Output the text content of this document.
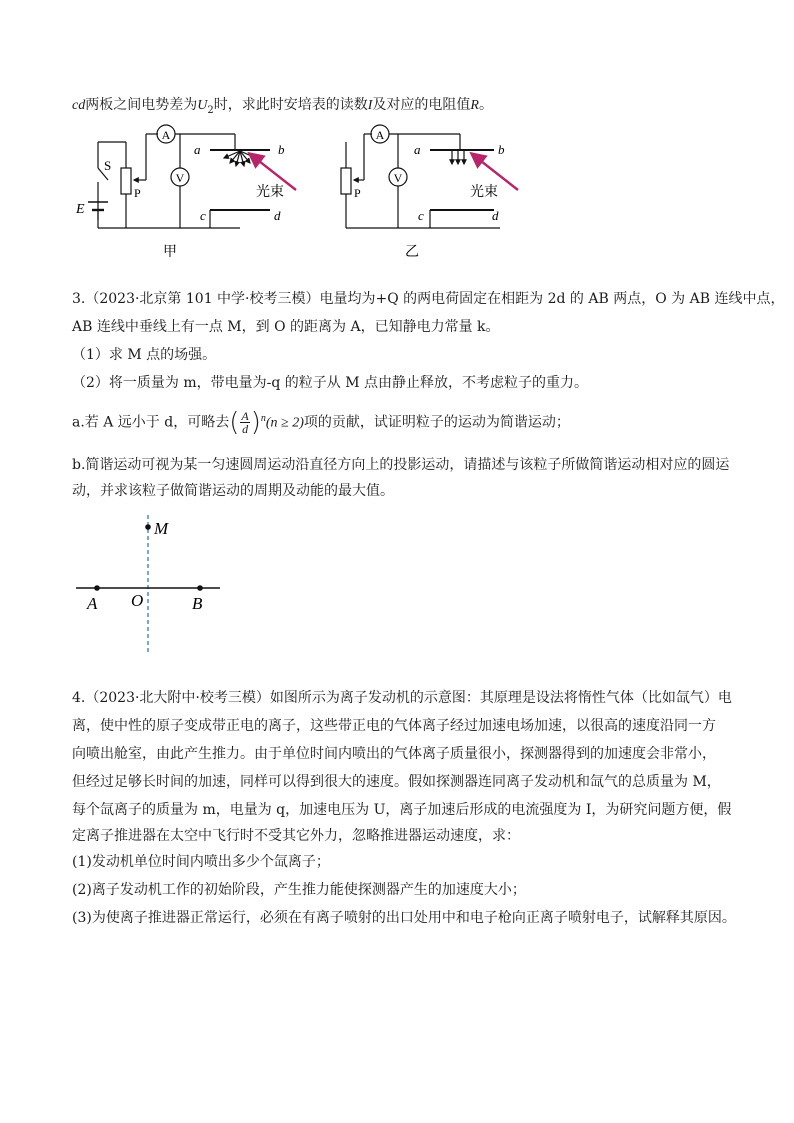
cd两板之间电势差为$U_2$时，求此时安培表的读数I及对应的电阻值R。
A
V
S
P
E
a	b
c	d
光束
甲
A
V
P
a	b
c	d
光束
乙
3.（2023·北京第 101 中学·校考三模）电量均为+Q 的两电荷固定在相距为 2d 的 AB 两点，O 为 AB 连线中点，
AB 连线中垂线上有一点 M，到 O 的距离为 A，已知静电力常量 k。
（1）求 M 点的场强。
（2）将一质量为 m，带电量为-q 的粒子从 M 点由静止释放，不考虑粒子的重力。
a.若 A 远小于 d，可略去( $\frac{A}{d} )^n(n \ge 2)$项的贡献，试证明粒子的运动为简谐运动；
b.简谐运动可视为某一匀速圆周运动沿直径方向上的投影运动，请描述与该粒子所做简谐运动相对应的圆运
动，并求该粒子做简谐运动的周期及动能的最大值。
M
A O	B
4.（2023·北大附中·校考三模）如图所示为离子发动机的示意图：其原理是设法将惰性气体（比如氙气）电
离，使中性的原子变成带正电的离子，这些带正电的气体离子经过加速电场加速，以很高的速度沿同一方
向喷出舱室，由此产生推力。由于单位时间内喷出的气体离子质量很小，探测器得到的加速度会非常小，
但经过足够长时间的加速，同样可以得到很大的速度。假如探测器连同离子发动机和氙气的总质量为 M，
每个氙离子的质量为 m，电量为 q，加速电压为 U，离子加速后形成的电流强度为 I，为研究问题方便，假
定离子推进器在太空中飞行时不受其它外力，忽略推进器运动速度，求：
(1)发动机单位时间内喷出多少个氙离子；
(2)离子发动机工作的初始阶段，产生推力能使探测器产生的加速度大小；
(3)为使离子推进器正常运行，必须在有离子喷射的出口处用中和电子枪向正离子喷射电子，试解释其原因。
